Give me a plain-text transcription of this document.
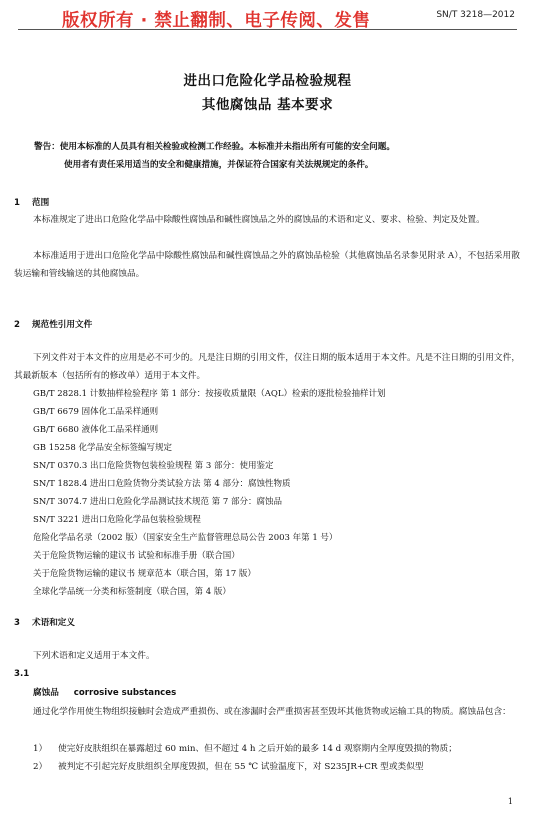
版权所有 · 禁止翻制、电子传阅、发售	SN/T 3218—2012

进出口危险化学品检验规程
其他腐蚀品 基本要求

警告：使用本标准的人员具有相关检验或检测工作经验。本标准并未指出所有可能的安全问题。
使用者有责任采用适当的安全和健康措施，并保证符合国家有关法规规定的条件。

1 范围

本标准规定了进出口危险化学品中除酸性腐蚀品和碱性腐蚀品之外的腐蚀品的术语和定义、要求、检验、判定及处置。

本标准适用于进出口危险化学品中除酸性腐蚀品和碱性腐蚀品之外的腐蚀品检验（其他腐蚀品名录参见附录 A），不包括采用散装运输和管线输送的其他腐蚀品。

2 规范性引用文件

下列文件对于本文件的应用是必不可少的。凡是注日期的引用文件，仅注日期的版本适用于本文件。凡是不注日期的引用文件，其最新版本（包括所有的修改单）适用于本文件。

GB/T 2828.1 计数抽样检验程序 第 1 部分：按接收质量限（AQL）检索的逐批检验抽样计划
GB/T 6679 固体化工品采样通则
GB/T 6680 液体化工品采样通则
GB 15258 化学品安全标签编写规定
SN/T 0370.3 出口危险货物包装检验规程 第 3 部分：使用鉴定
SN/T 1828.4 进出口危险货物分类试验方法 第 4 部分：腐蚀性物质
SN/T 3074.7 进出口危险化学品测试技术规范 第 7 部分：腐蚀品
SN/T 3221 进出口危险化学品包装检验规程
危险化学品名录（2002 版）（国家安全生产监督管理总局公告 2003 年第 1 号）
关于危险货物运输的建议书 试验和标准手册（联合国）
关于危险货物运输的建议书 规章范本（联合国，第 17 版）
全球化学品统一分类和标签制度（联合国，第 4 版）
3 术语和定义

下列术语和定义适用于本文件。

3.1

腐蚀品 corrosive substances

通过化学作用使生物组织接触时会造成严重损伤、或在渗漏时会严重损害甚至毁坏其他货物或运输工具的物质。腐蚀品包含：

1） 使完好皮肤组织在暴露超过 60 min、但不超过 4 h 之后开始的最多 14 d 观察期内全厚度毁损的物质；
2） 被判定不引起完好皮肤组织全厚度毁损，但在 55 ℃ 试验温度下，对 S235JR+CR 型或类似型

1
